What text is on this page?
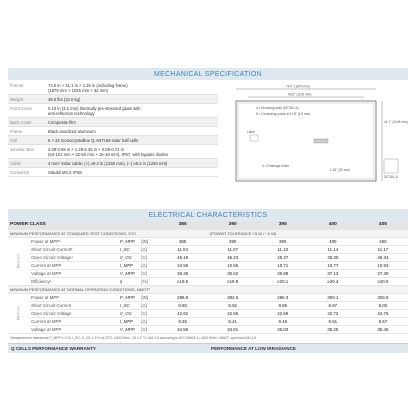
MECHANICAL SPECIFICATION
Format	74.0 in × 41.1 in × 1.26 in (including frame)
(1879 mm × 1045 mm × 32 mm)
Weight	48.5 lbs (22.0 kg)
Front Cover	0.13 in (3.2 mm) thermally pre-stressed glass with
anti-reflection technology
Back Cover	Composite film
Frame	Black anodized aluminum
Cell	6 × 22 monocrystalline Q.ANTUM solar half cells
Junction Box	2.09-3.98 in × 1.26-2.36 in × 0.59-0.71 in
(53-101 mm × 32-60 mm × 15-18 mm), IP67, with bypass diodes
Cable	4 mm² Solar cable; (+) ≥9.2 in (1250 mm), (−) ≥9.2 in (1250 mm)
Connector	Stäubli MC4; IP68
74.0" (1879 mm)
43.6" (1109 mm)
4 × Mounting slots (DETAIL A)
8 × Grounding points ø 0.18" (4.5 mm)
Label
4 × Drainage holes
1.26" (32 mm)
41.1" (1045 mm)
DETAIL A
ELECTRICAL CHARACTERISTICS
POWER CLASS				385	390	395	400	405
MINIMUM PERFORMANCE AT STANDARD TEST CONDITIONS, STC					(POWER TOLERANCE +5 W / −0 W)			
Minimum	Power at MPP¹	P_MPP	[W]	385	390	395	400	405
	Short Circuit Current¹	I_SC	[A]	11.04	11.07	11.10	11.14	11.17
	Open Circuit Voltage¹	V_OC	[V]	45.19	45.23	45.27	45.30	45.34
	Current at MPP	I_MPP	[A]	10.59	10.65	10.71	10.77	10.83
	Voltage at MPP	V_MPP	[V]	36.36	36.62	36.88	37.13	37.39
	Efficiency¹	η	[%]	≥19.6	≥19.9	≥20.1	≥20.4	≥20.6
MINIMUM PERFORMANCE AT NORMAL OPERATING CONDITIONS, NMOT²								
Minimum	Power at MPP	P_MPP	[W]	288.8	292.6	296.3	300.1	303.8
	Short Circuit Current	I_SC	[A]	8.90	8.92	8.95	8.97	9.00
	Open Circuit Voltage	V_OC	[V]	42.62	42.65	42.69	42.72	42.76
	Current at MPP	I_MPP	[A]	8.35	8.41	8.46	8.51	8.57
	Voltage at MPP	V_MPP	[V]	34.59	34.81	35.03	35.25	35.46
¹Measurement tolerances P_MPP ± 3 %; I_SC, V_OC ± 5 % at STC: 1000 W/m², 25 ± 2 °C, AM 1.5 according to IEC 60904-3 • ²800 W/m², NMOT, spectrum AM 1.5
Q CELLS PERFORMANCE WARRANTY	PERFORMANCE AT LOW IRRADIANCE
